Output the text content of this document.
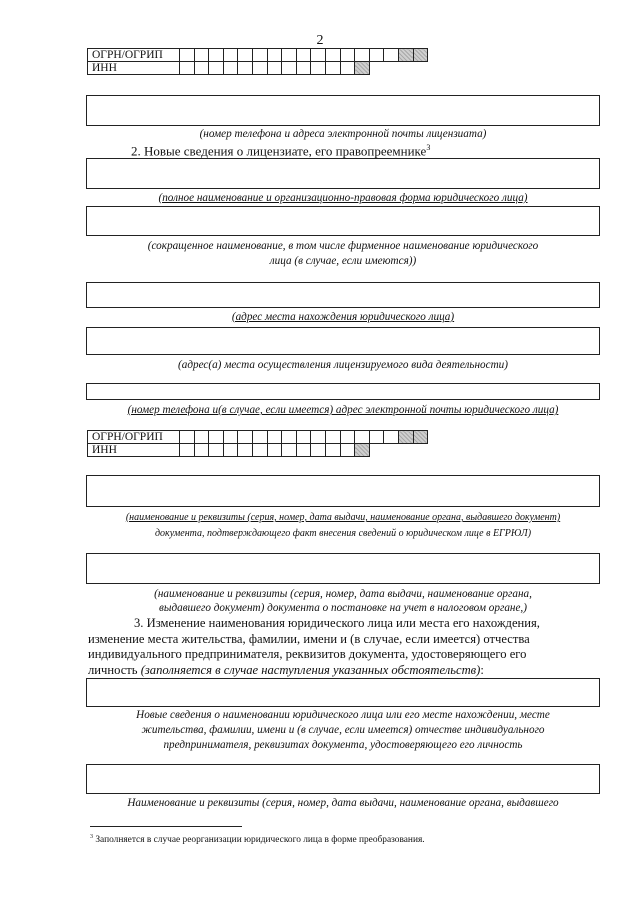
2
ОГРН/ОГРИП																	
ИНН																	
(номер телефона и адреса электронной почты лицензиата)
2. Новые сведения о лицензиате, его правопреемнике$^3$
(полное наименование и организационно-правовая форма юридического лица)
(сокращенное наименование, в том числе фирменное наименование юридического
лица (в случае, если имеются))
(адрес места нахождения юридического лица)
(адрес(а) места осуществления лицензируемого вида деятельности)
(номер телефона и(в случае, если имеется) адрес электронной почты юридического лица)
ОГРН/ОГРИП																	
ИНН																	
(наименование и реквизиты (серия, номер, дата выдачи, наименование органа, выдавшего документ)
документа, подтверждающего факт внесения сведений о юридическом лице в ЕГРЮЛ)
(наименование и реквизиты (серия, номер, дата выдачи, наименование органа,
выдавшего документ) документа о постановке на учет в налоговом органе,)
3. Изменение наименования юридического лица или места его нахождения,
изменение места жительства, фамилии, имени и (в случае, если имеется) отчества
индивидуального предпринимателя, реквизитов документа, удостоверяющего его
личность (заполняется в случае наступления указанных обстоятельств):
Новые сведения о наименовании юридического лица или его месте нахождении, месте
жительства, фамилии, имени и (в случае, если имеется) отчестве индивидуального
предпринимателя, реквизитах документа, удостоверяющего его личность
Наименование и реквизиты (серия, номер, дата выдачи, наименование органа, выдавшего
$^3$ Заполняется в случае реорганизации юридического лица в форме преобразования.
